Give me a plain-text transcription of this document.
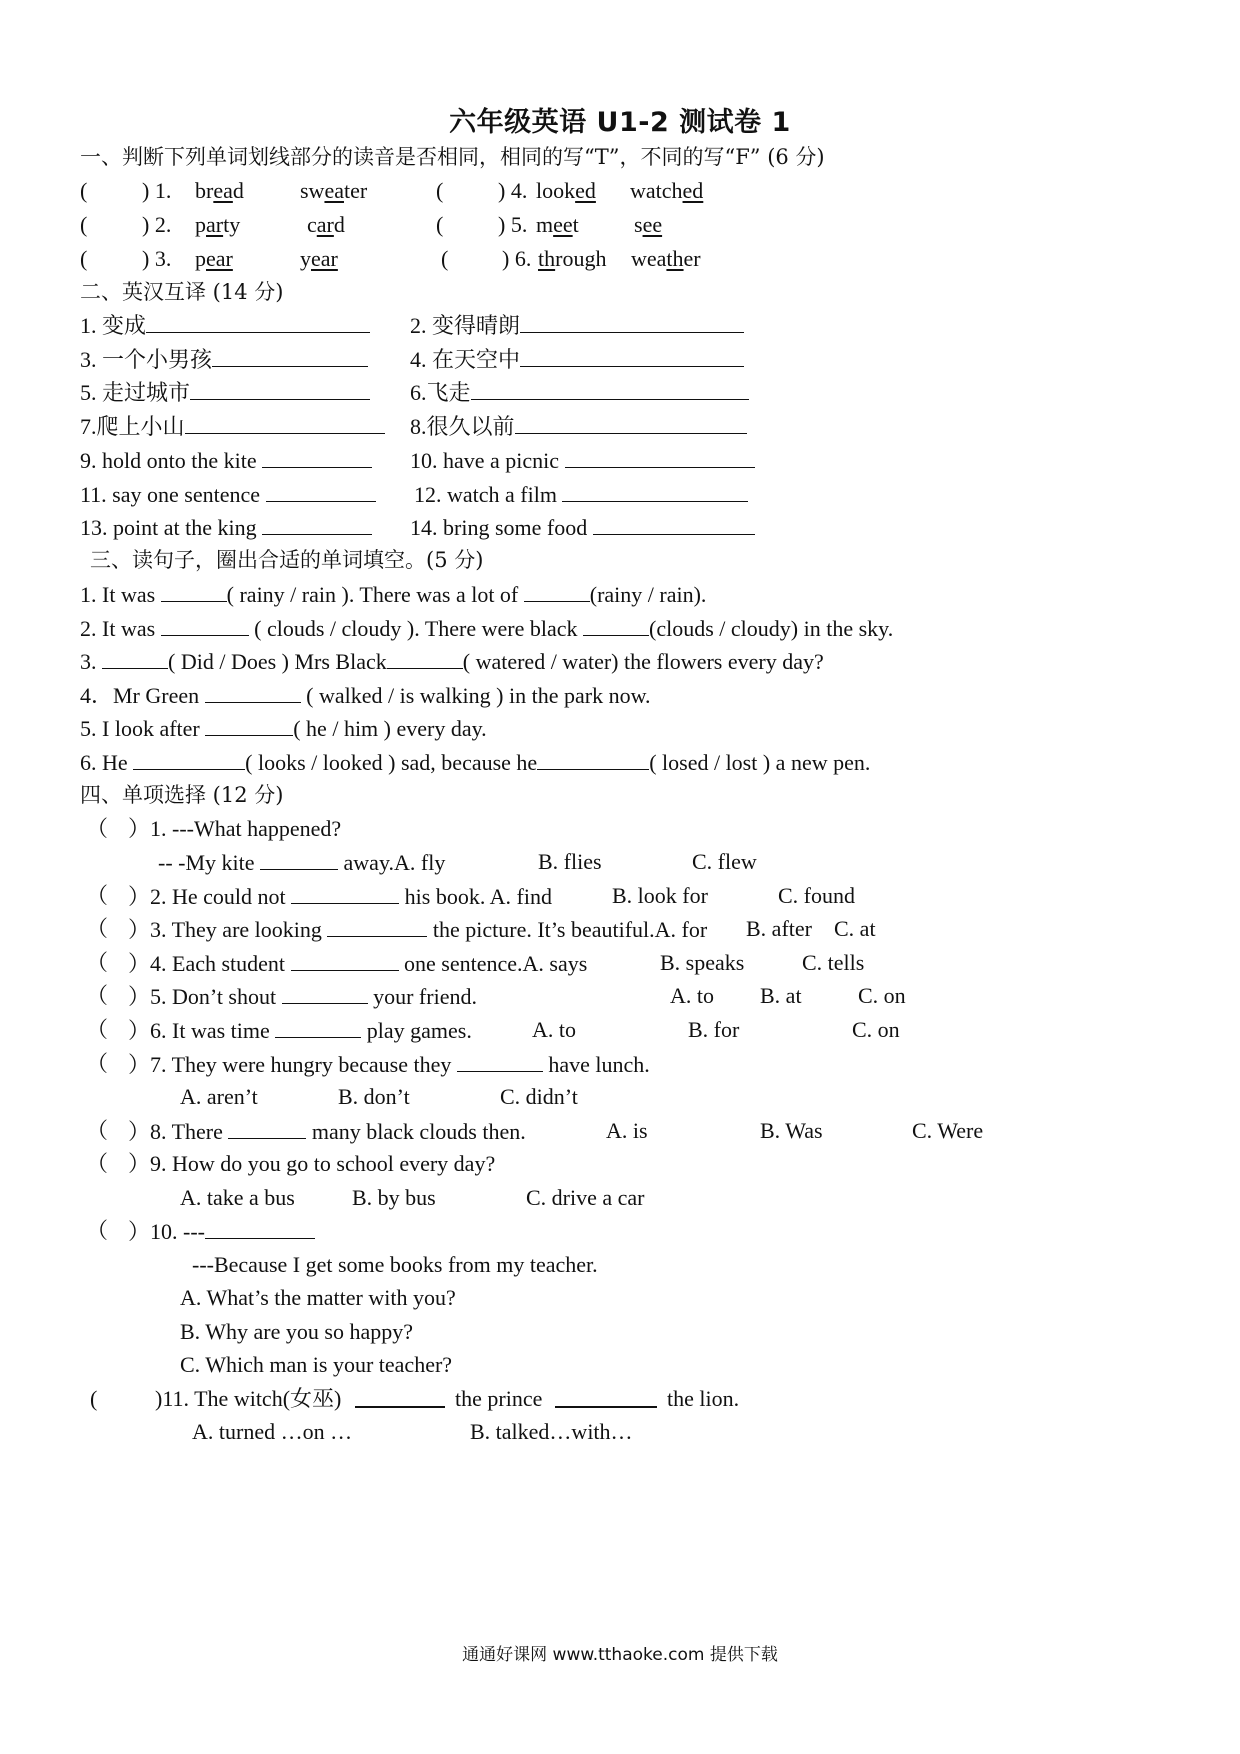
六年级英语 U1-2 测试卷 1
一、判断下列单词划线部分的读音是否相同，相同的写“T”，不同的写“F” (6 分)
( ) 1. bread	sweater	( ) 4. looked watched
( ) 2. party	card	( ) 5. meet	see
( ) 3. pear	year	( ) 6. through weather
二、英汉互译 (14 分)
1. 变成	2. 变得晴朗
3. 一个小男孩	4. 在天空中
5. 走过城市	6.飞走
7.爬上小山	8.很久以前
9. hold onto the kite	10. have a picnic
11. say one sentence	12. watch a film
13. point at the king	14. bring some food
三、读句子，圈出合适的单词填空。(5 分)
1. It was	( rainy / rain ). There was a lot of	(rainy / rain).
2. It was	( clouds / cloudy ). There were black	(clouds / cloudy) in the sky.
3.	( Did / Does ) Mrs Black	( watered / water) the flowers every day?
4．Mr Green	( walked / is walking ) in the park now.
5. I look after	( he / him ) every day.
6. He	( looks / looked ) sad, because he	( losed / lost ) a new pen.
四、单项选择 (12 分)
（ ）1. ---What happened?
-- -My kite	away.A. fly	B. flies	C. flew
（ ）2. He could not	his book. A. find	B. look for	C. found
（ ）3. They are looking	the picture. It’s beautiful.A. for B. after C. at
（ ）4. Each student	one sentence.A. says	B. speaks	C. tells
（ ）5. Don’t shout	your friend.	A. to B. at	C. on
（ ）6. It was time	play games.	A. to	B. for	C. on
（ ）7. They were hungry because they	have lunch.
A. aren’t	B. don’t	C. didn’t
（ ）8. There	many black clouds then.	A. is	B. Was	C. Were
（ ）9. How do you go to school every day?
A. take a bus	B. by bus	C. drive a car
（ ）10. ---
---Because I get some books from my teacher.
A. What’s the matter with you?
B. Why are you so happy?
C. Which man is your teacher?
(	)11. The witch(女巫)	the prince	the lion.
A. turned …on …	B. talked…with…
通通好课网 www.tthaoke.com 提供下载
